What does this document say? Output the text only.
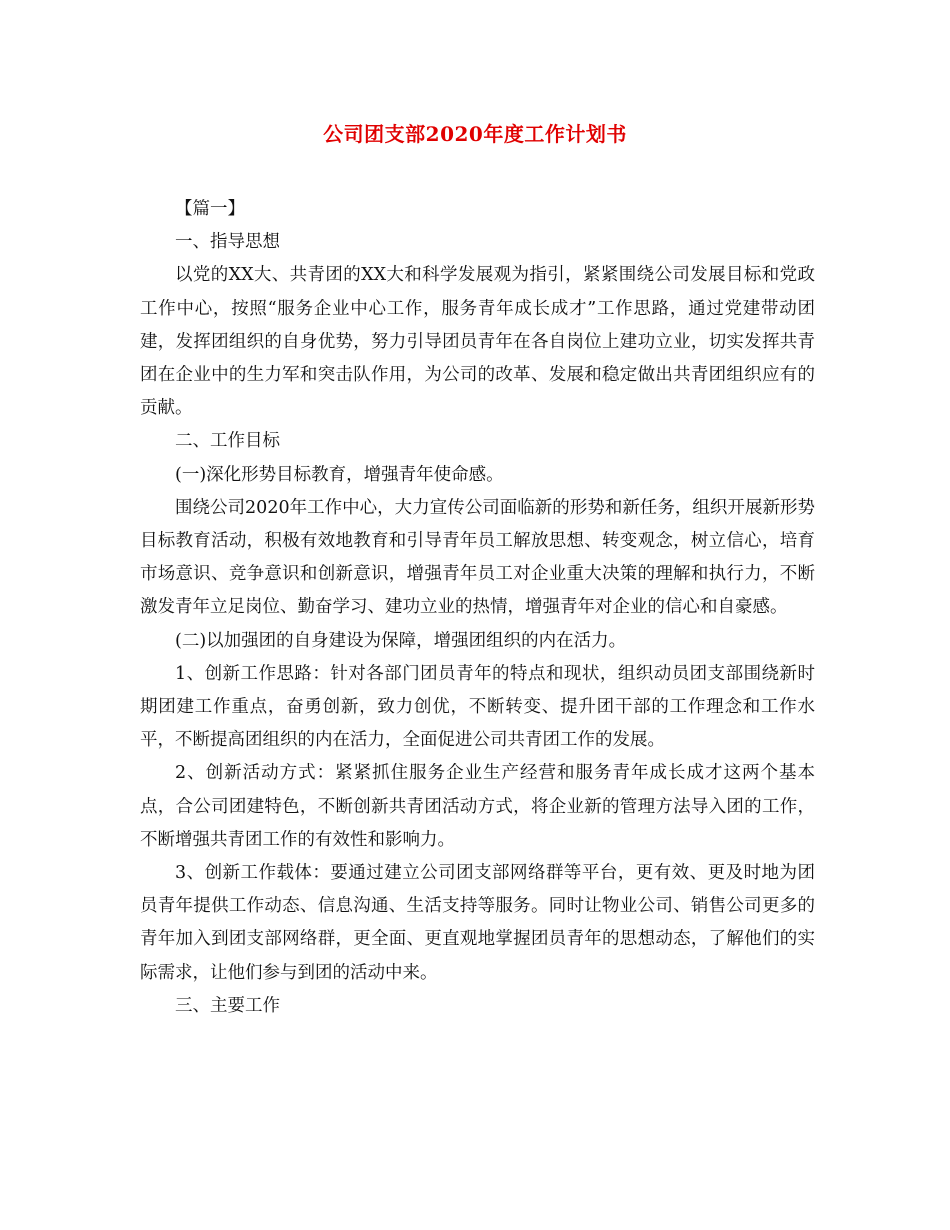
公司团支部2020年度工作计划书

【篇一】

一、指导思想

以党的XX大、共青团的XX大和科学发展观为指引，紧紧围绕公司发展目标和党政工作中心，按照“服务企业中心工作，服务青年成长成才”工作思路，通过党建带动团建，发挥团组织的自身优势，努力引导团员青年在各自岗位上建功立业，切实发挥共青团在企业中的生力军和突击队作用，为公司的改革、发展和稳定做出共青团组织应有的贡献。

二、工作目标

(一)深化形势目标教育，增强青年使命感。

围绕公司2020年工作中心，大力宣传公司面临新的形势和新任务，组织开展新形势目标教育活动，积极有效地教育和引导青年员工解放思想、转变观念，树立信心，培育市场意识、竞争意识和创新意识，增强青年员工对企业重大决策的理解和执行力，不断激发青年立足岗位、勤奋学习、建功立业的热情，增强青年对企业的信心和自豪感。

(二)以加强团的自身建设为保障，增强团组织的内在活力。

1、创新工作思路：针对各部门团员青年的特点和现状，组织动员团支部围绕新时期团建工作重点，奋勇创新，致力创优，不断转变、提升团干部的工作理念和工作水平，不断提高团组织的内在活力，全面促进公司共青团工作的发展。

2、创新活动方式：紧紧抓住服务企业生产经营和服务青年成长成才这两个基本点，合公司团建特色，不断创新共青团活动方式，将企业新的管理方法导入团的工作，不断增强共青团工作的有效性和影响力。

3、创新工作载体：要通过建立公司团支部网络群等平台，更有效、更及时地为团员青年提供工作动态、信息沟通、生活支持等服务。同时让物业公司、销售公司更多的青年加入到团支部网络群，更全面、更直观地掌握团员青年的思想动态，了解他们的实际需求，让他们参与到团的活动中来。

三、主要工作
